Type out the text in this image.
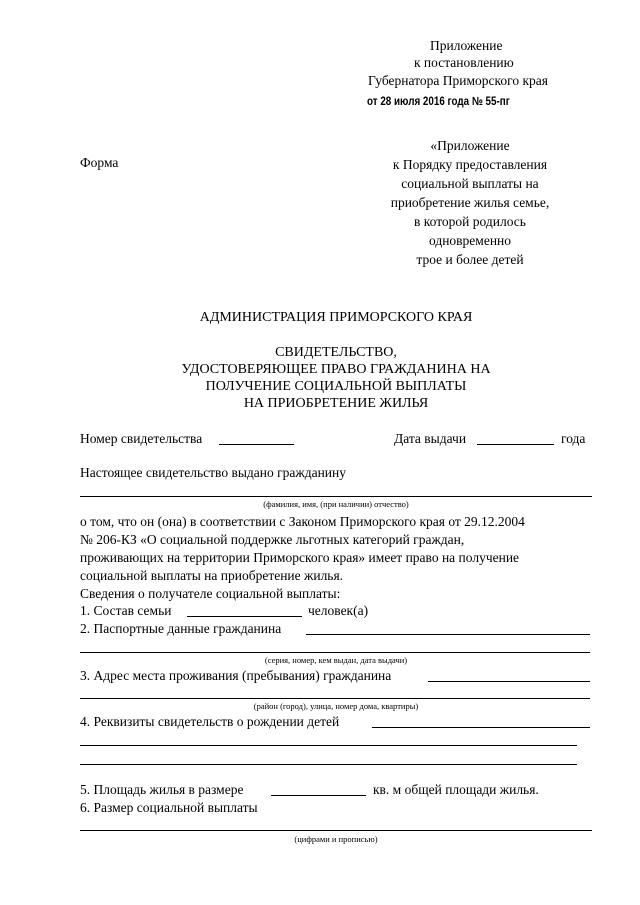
Приложение
к постановлению
Губернатора Приморского края
от 28 июля 2016 года № 55-пг
Форма
«Приложение
к Порядку предоставления
социальной выплаты на
приобретение жилья семье,
в которой родилось
одновременно
трое и более детей
АДМИНИСТРАЦИЯ ПРИМОРСКОГО КРАЯ
СВИДЕТЕЛЬСТВО,
УДОСТОВЕРЯЮЩЕЕ ПРАВО ГРАЖДАНИНА НА
ПОЛУЧЕНИЕ СОЦИАЛЬНОЙ ВЫПЛАТЫ
НА ПРИОБРЕТЕНИЕ ЖИЛЬЯ
Номер свидетельства	Дата выдачи	года
Настоящее свидетельство выдано гражданину
(фамилия, имя, (при наличии) отчество)
о том, что он (она) в соответствии с Законом Приморского края от 29.12.2004
№ 206-КЗ «О социальной поддержке льготных категорий граждан,
проживающих на территории Приморского края» имеет право на получение
социальной выплаты на приобретение жилья.
Сведения о получателе социальной выплаты:
1. Состав семьи	человек(а)
2. Паспортные данные гражданина
(серия, номер, кем выдан, дата выдачи)
3. Адрес места проживания (пребывания) гражданина
(район (город), улица, номер дома, квартиры)
4. Реквизиты свидетельств о рождении детей
5. Площадь жилья в размере	кв. м общей площади жилья.
6. Размер социальной выплаты
(цифрами и прописью)
